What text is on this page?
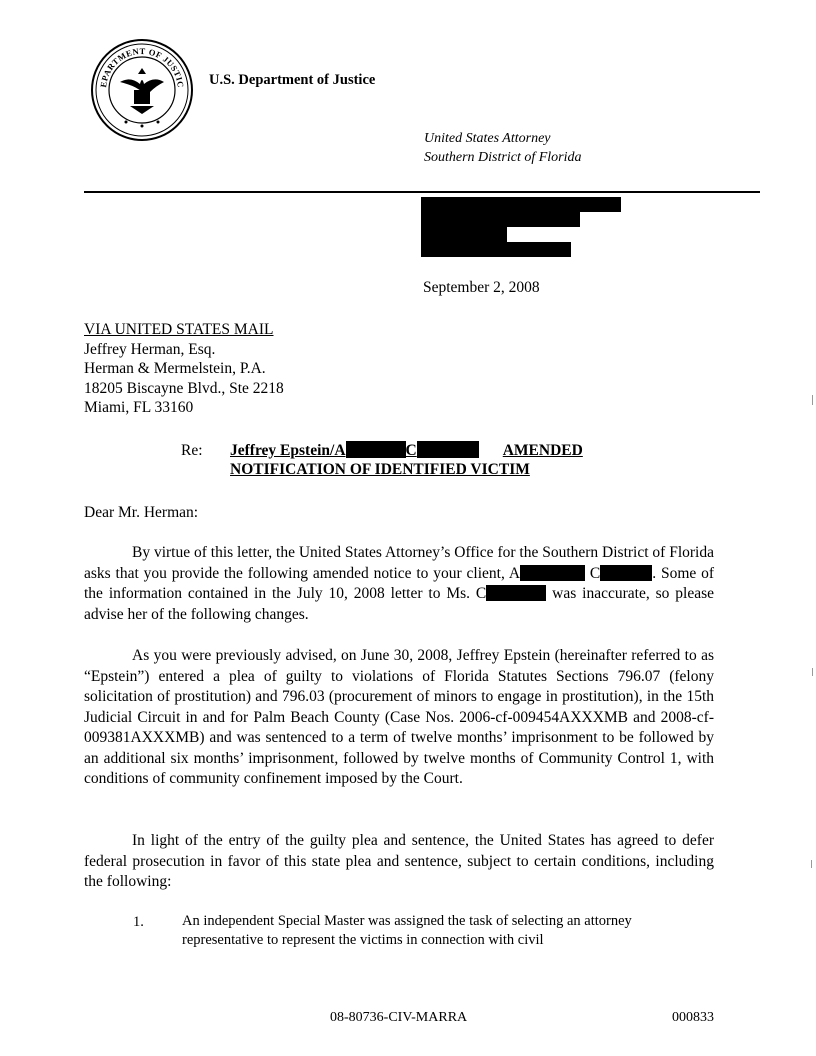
EPARTMENT OF JUSTIC U.S. Department of Justice
United States Attorney
Southern District of Florida
September 2, 2008
VIA UNITED STATES MAIL
Jeffrey Herman, Esq.
Herman & Mermelstein, P.A.
18205 Biscayne Blvd., Ste 2218
Miami, FL 33160
Re: Jeffrey Epstein/A	C	AMENDED
NOTIFICATION OF IDENTIFIED VICTIM
Dear Mr. Herman:

By virtue of this letter, the United States Attorney’s Office for the Southern District of Florida asks that you provide the following amended notice to your client, A	C	. Some of the information contained in the July 10, 2008 letter to Ms. C	was inaccurate, so please advise her of the following changes.

As you were previously advised, on June 30, 2008, Jeffrey Epstein (hereinafter referred to as “Epstein”) entered a plea of guilty to violations of Florida Statutes Sections 796.07 (felony solicitation of prostitution) and 796.03 (procurement of minors to engage in prostitution), in the 15th Judicial Circuit in and for Palm Beach County (Case Nos. 2006-cf-009454AXXXMB and 2008-cf-009381AXXXMB) and was sentenced to a term of twelve months’ imprisonment to be followed by an additional six months’ imprisonment, followed by twelve months of Community Control 1, with conditions of community confinement imposed by the Court.

In light of the entry of the guilty plea and sentence, the United States has agreed to defer federal prosecution in favor of this state plea and sentence, subject to certain conditions, including the following:

1.	An independent Special Master was assigned the task of selecting an attorney representative to represent the victims in connection with civil
08-80736-CIV-MARRA	000833
